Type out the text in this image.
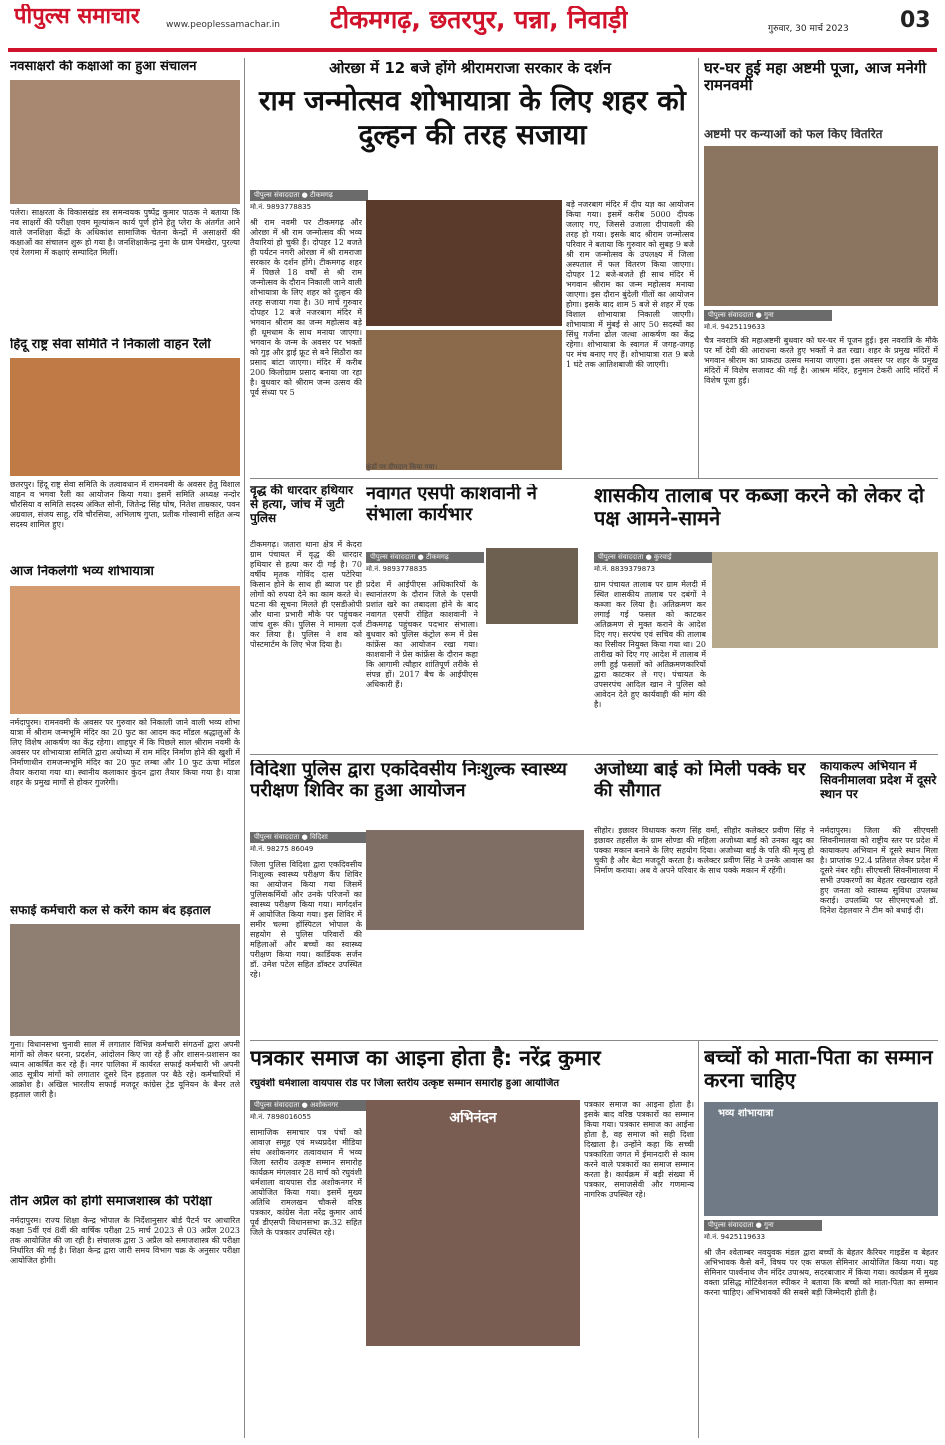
पीपुल्स समाचार	www.peoplessamachar.in टीकमगढ़, छतरपुर, पन्ना, निवाड़ी	गुरुवार, 30 मार्च 2023 03
नवसाक्षरों की कक्षाओं का हुआ संचालन
पलेरा। साक्षरता के विकासखंड स्त्र समन्वयक पुष्पेंद्र कुमार पाठक ने बताया कि नव साक्षरों की परीक्षा एवम मूल्यांकन कार्य पूर्ण होने हेतु प्लेरा के अंतर्गत आने वाले जनशिक्षा केंद्रों के अधिकांश सामाजिक चेतना केन्द्रों में असाक्षरों की कक्षाओं का संचालन शुरू हो गया है। जनशिक्षाकेन्द्र नुना के ग्राम पेमखेरा, पुरल्या एवं रेलगमा में कक्षाएं सम्पादित मिलीं।
हिंदू राष्ट्र सेवा समिति ने निकाली वाहन रैली
छतरपुर। हिंदू राष्ट्र सेवा समिति के तत्वावधान में रामनवमी के अवसर हेतु विशाल वाहन व भगवा रैली का आयोजन किया गया। इसमें समिति अध्यक्ष नन्दोर चौरसिया व समिति सदस्य अंकित सोनी, जितेन्द्र सिंह घोष, नितेश ताम्रकार, पवन अग्रवाल, संजय साहू, रवि चौरसिया, अभिलाष गुप्ता, प्रतीक गोस्वामी सहित अन्य सदस्य शामिल हुए।
आज निकलेगी भव्य शोभायात्रा
नर्मदापुरम। रामनवमी के अवसर पर गुरुवार को निकाली जाने वाली भव्य शोभा यात्रा में श्रीराम जन्मभूमि मंदिर का 20 फुट का आदम कद मॉडल श्रद्धालुओं के लिए विशेष आकर्षण का केंद्र रहेगा। शाहपुर में कि पिछले साल श्रीराम नवमी के अवसर पर शोभायात्रा समिति द्वारा अयोध्या में राम मंदिर निर्माण होने की खुशी में निर्माणाधीन रामजन्मभूमि मंदिर का 20 फुट लम्बा और 10 फुट ऊंचा मॉडल तैयार कराया गया था। स्थानीय कलाकार कुंदन द्वारा तैयार किया गया है। यात्रा शहर के प्रमुख मार्गों से होकर गुजरेगी।
सफाई कर्मचारी कल से करेंगे काम बंद हड़ताल
गुना। विधानसभा चुनावी साल में लगातार विभिन्न कर्मचारी संगठनों द्वारा अपनी मांगों को लेकर धरना, प्रदर्शन, आंदोलन किए जा रहे हैं और शासन-प्रशासन का ध्यान आकर्षित कर रहे हैं। नगर पालिका में कार्यरत सफाई कर्मचारी भी अपनी आठ सूत्रीय मांगों को लगातार दूसरे दिन हड़ताल पर बैठे रहे। कर्मचारियों में आक्रोश है। अखिल भारतीय सफाई मजदूर कांग्रेस ट्रेड यूनियन के बैनर तले हड़ताल जारी है।
तीन अप्रैल को होगी समाजशास्त्र की परीक्षा
नर्मदापुरम। राज्य शिक्षा केन्द्र भोपाल के निर्देशानुसार बोर्ड पैटर्न पर आधारित कक्षा 5वीं एवं 8वीं की वार्षिक परीक्षा 25 मार्च 2023 से 03 अप्रैल 2023 तक आयोजित की जा रही है। संचालक द्वारा 3 अप्रैल को समाजशास्त्र की परीक्षा निर्धारित की गई है। शिक्षा केन्द्र द्वारा जारी समय विभाग चक्र के अनुसार परीक्षा आयोजित होगी।
ओरछा में 12 बजे होंगे श्रीरामराजा सरकार के दर्शन
राम जन्मोत्सव शोभायात्रा के लिए शहर को दुल्हन की तरह सजाया
पीपुल्स संवाददाता ● टीकमगढ़
मो.नं. 9893778835
श्री राम नवमी पर टीकमगढ़ और ओरछा में श्री राम जन्मोत्सव की भव्य तैयारियां हो चुकी हैं। दोपहर 12 बजते ही पर्यटन नगरी ओरछा में श्री रामराजा सरकार के दर्शन होंगे। टीकमगढ़ शहर में पिछले 18 वर्षों से श्री राम जन्मोत्सव के दौरान निकाली जाने वाली शोभायात्रा के लिए शहर को दुल्हन की तरह सजाया गया है। 30 मार्च गुरुवार दोपहर 12 बजे नजरबाग मंदिर में भगवान श्रीराम का जन्म महोत्सव बड़े ही धूमधाम के साथ मनाया जाएगा। भगवान के जन्म के अवसर पर भक्तों को गुड़ और ड्राई फ्रूट से बने सिठौरा का प्रसाद बांटा जाएगा। मंदिर में करीब 200 किलोग्राम प्रसाद बनाया जा रहा है। बुधवार को श्रीराम जन्म उत्सव की पूर्व संध्या पर 5
बड़े नजरबाग मंदिर में दीप यज्ञ का आयोजन किया गया। इसमें करीब 5000 दीपक जलाए गए, जिससे उजाला दीपावली की तरह हो गया। इसके बाद श्रीराम जन्मोत्सव परिवार ने बताया कि गुरुवार को सुबह 9 बजे श्री राम जन्मोत्सव के उपलक्ष्य में जिला अस्पताल में फल वितरण किया जाएगा। दोपहर 12 बजे-बजते ही साथ मंदिर में भगवान श्रीराम का जन्म महोत्सव मनाया जाएगा। इस दौरान बुंदेली गीतों का आयोजन होगा। इसके बाद शाम 5 बजे से शहर में एक विशाल शोभायात्रा निकाली जाएगी। शोभायात्रा में मुंबई से आए 50 सदस्यों का सिंधु गर्जना ढोल जत्था आकर्षण का केंद्र रहेगा। शोभायात्रा के स्वागत में जगह-जगह पर मंच बनाए गए हैं। शोभायात्रा रात 9 बजे 1 घंटे तक आतिशबाजी की जाएगी।
घर-घर हुई महा अष्टमी पूजा, आज मनेगी रामनवमी
अष्टमी पर कन्याओं को फल किए वितरित
पीपुल्स संवाददाता ● गुना
मो.नं. 9425119633
चैत्र नवरात्रि की महाअष्टमी बुधवार को घर-घर में पूजन हुई। इस नवरात्रि के मौके पर माँ देवी की आराधना करते हुए भक्तों ने व्रत रखा। शहर के प्रमुख मंदिरों में भगवान श्रीराम का प्राकट्य उत्सव मनाया जाएगा। इस अवसर पर शहर के प्रमुख मंदिरों में विशेष सजावट की गई है। आश्रम मंदिर, हनुमान टेकरी आदि मंदिरों में विशेष पूजा हुई।
वृद्ध की धारदार हथियार से हत्या, जांच में जुटी पुलिस
टीकमगढ़। जतारा थाना क्षेत्र में केदरा ग्राम पंचायत में वृद्ध की धारदार हथियार से हत्या कर दी गई है। 70 वर्षीय मृतक गोविंद दास पटेरिया किसान होने के साथ ही ब्याज पर ही लोगों को रुपया देने का काम करते थे। घटना की सूचना मिलते ही एसडीओपी और थाना प्रभारी मौके पर पहुंचकर जांच शुरू की। पुलिस ने मामला दर्ज कर लिया है। पुलिस ने शव को पोस्टमार्टम के लिए भेज दिया है।
नवागत एसपी काशवानी ने संभाला कार्यभार
पीपुल्स संवाददाता ● टीकमगढ़
मो.नं. 9893778835
प्रदेश में आईपीएस अधिकारियों के स्थानांतरण के दौरान जिले के एसपी प्रशांत खरे का तबादला होने के बाद नवागत एसपी रोहित काशवानी ने टीकमगढ़ पहुंचकर पदभार संभाला। बुधवार को पुलिस कंट्रोल रूम में प्रेस कांफ्रेंस का आयोजन रखा गया। काशवानी ने प्रेस कांफ्रेंस के दौरान कहा कि आगामी त्यौहार शांतिपूर्ण तरीके से संपन्न हों। 2017 बैच के आईपीएस अधिकारी हैं।
शासकीय तालाब पर कब्जा करने को लेकर दो पक्ष आमने-सामने
पीपुल्स संवाददाता ● कुरवाई
मो.नं. 8839379873
ग्राम पंचायत तालाब पर ग्राम मेलदी में स्थित शासकीय तालाब पर दबंगों ने कब्जा कर लिया है। अतिक्रमण कर लगाई गई फसल को काटकर अतिक्रमण से मुक्त कराने के आदेश दिए गए। सरपंच एवं सचिव की तालाब का रिसीवर नियुक्त किया गया था। 20 तारीख को दिए गए आदेश में तालाब में लगी हुई फसलों को अतिक्रमणकारियों द्वारा काटकर ले गए। पंचायत के उपसरपंच आदिल खान ने पुलिस को आवेदन देते हुए कार्यवाही की मांग की है।
विदिशा पुलिस द्वारा एकदिवसीय निःशुल्क स्वास्थ्य परीक्षण शिविर का हुआ आयोजन
पीपुल्स संवाददाता ● विदिशा
मो.नं. 98275 86049
जिला पुलिस विदिशा द्वारा एकदिवसीय निःशुल्क स्वास्थ्य परीक्षण कैंप शिविर का आयोजन किया गया जिसमें पुलिसकर्मियों और उनके परिजनों का स्वास्थ्य परीक्षण किया गया। मार्गदर्शन में आयोजित किया गया। इस शिविर में समीर चल्मा हॉस्पिटल भोपाल के सहयोग से पुलिस परिवारों की महिलाओं और बच्चों का स्वास्थ्य परीक्षण किया गया। कार्डियक सर्जन डॉ. उमेश पटेल सहित डॉक्टर उपस्थित रहे।
अजोध्या बाई को मिली पक्के घर की सौगात
सीहोर। इछावर विधायक करण सिंह वर्मा, सीहोर कलेक्टर प्रवीण सिंह ने इछावर तहसील के ग्राम सोण्डा की महिला अजोध्या बाई को उनका खुद का पक्का मकान बनाने के लिए सहयोग दिया। अजोध्या बाई के पति की मृत्यु हो चुकी है और बेटा मजदूरी करता है। कलेक्टर प्रवीण सिंह ने उनके आवास का निर्माण कराया। अब वे अपने परिवार के साथ पक्के मकान में रहेंगी।
कायाकल्प अभियान में सिवनीमालवा प्रदेश में दूसरे स्थान पर
नर्मदापुरम। जिला की सीएचसी सिवनीमालवा को राष्ट्रीय स्तर पर प्रदेश में कायाकल्प अभियान में दूसरे स्थान मिला है। प्राप्तांक 92.4 प्रतिशत लेकर प्रदेश में दूसरे नंबर रही। सीएचसी सिवनीमालवा में सभी उपकरणों का बेहतर रखरखाव रहते हुए जनता को स्वास्थ्य सुविधा उपलब्ध कराई। उपलब्धि पर सीएमएचओ डॉ. दिनेश देहलवार ने टीम को बधाई दी।
पत्रकार समाज का आइना होता है: नरेंद्र कुमार
रघुवंशी धर्मशाला वायपास रोड पर जिला स्तरीय उत्कृष्ट सम्मान समारोह हुआ आयोजित
पीपुल्स संवाददाता ● अशोकनगर
मो.नं. 7898016055
सामाजिक समाचार पत्र पंचों को आवाज़ समूह एवं मध्यप्रदेश मीडिया संघ अशोकनगर तत्वावधान में भव्य जिला स्तरीय उत्कृष्ट सम्मान समारोह कार्यक्रम मंगलवार 28 मार्च को रघुवंशी धर्मशाला वायपास रोड अशोकनगर में आयोजित किया गया। इसमें मुख्य अतिथि रामलखन चौकसे वरिष्ठ पत्रकार, कांग्रेस नेता नरेंद्र कुमार आर्य पूर्व डीएसपी विधानसभा क्र.32 सहित जिले के पत्रकार उपस्थित रहे।
अभिनंदन
पत्रकार समाज का आइना होता है। इसके बाद वरिष्ठ पत्रकारों का सम्मान किया गया। पत्रकार समाज का आईना होता है, वह समाज को सही दिशा दिखाता है। उन्होंने कहा कि सच्ची पत्रकारिता जगत में ईमानदारी से काम करने वाले पत्रकारों का समाज सम्मान करता है। कार्यक्रम में बड़ी संख्या में पत्रकार, समाजसेवी और गणमान्य नागरिक उपस्थित रहे।
बच्चों को माता-पिता का सम्मान करना चाहिए
भव्य शोभायात्रा
पीपुल्स संवाददाता ● गुना
मो.नं. 9425119633
श्री जैन श्वेताम्बर नवयुवक मंडल द्वारा बच्चों के बेहतर कैरियर गाइडेंस व बेहतर अभिभावक कैसे बनें, विषय पर एक सफल सेमिनार आयोजित किया गया। यह सेमिनार पार्श्वनाथ जैन मंदिर उपाश्रय, सदरबाजार में किया गया। कार्यक्रम में मुख्य वक्ता प्रसिद्ध मोटिवेशनल स्पीकर ने बताया कि बच्चों को माता-पिता का सम्मान करना चाहिए। अभिभावकों की सबसे बड़ी जिम्मेदारी होती है।
कुंडों पर दीपदान किया गया।
